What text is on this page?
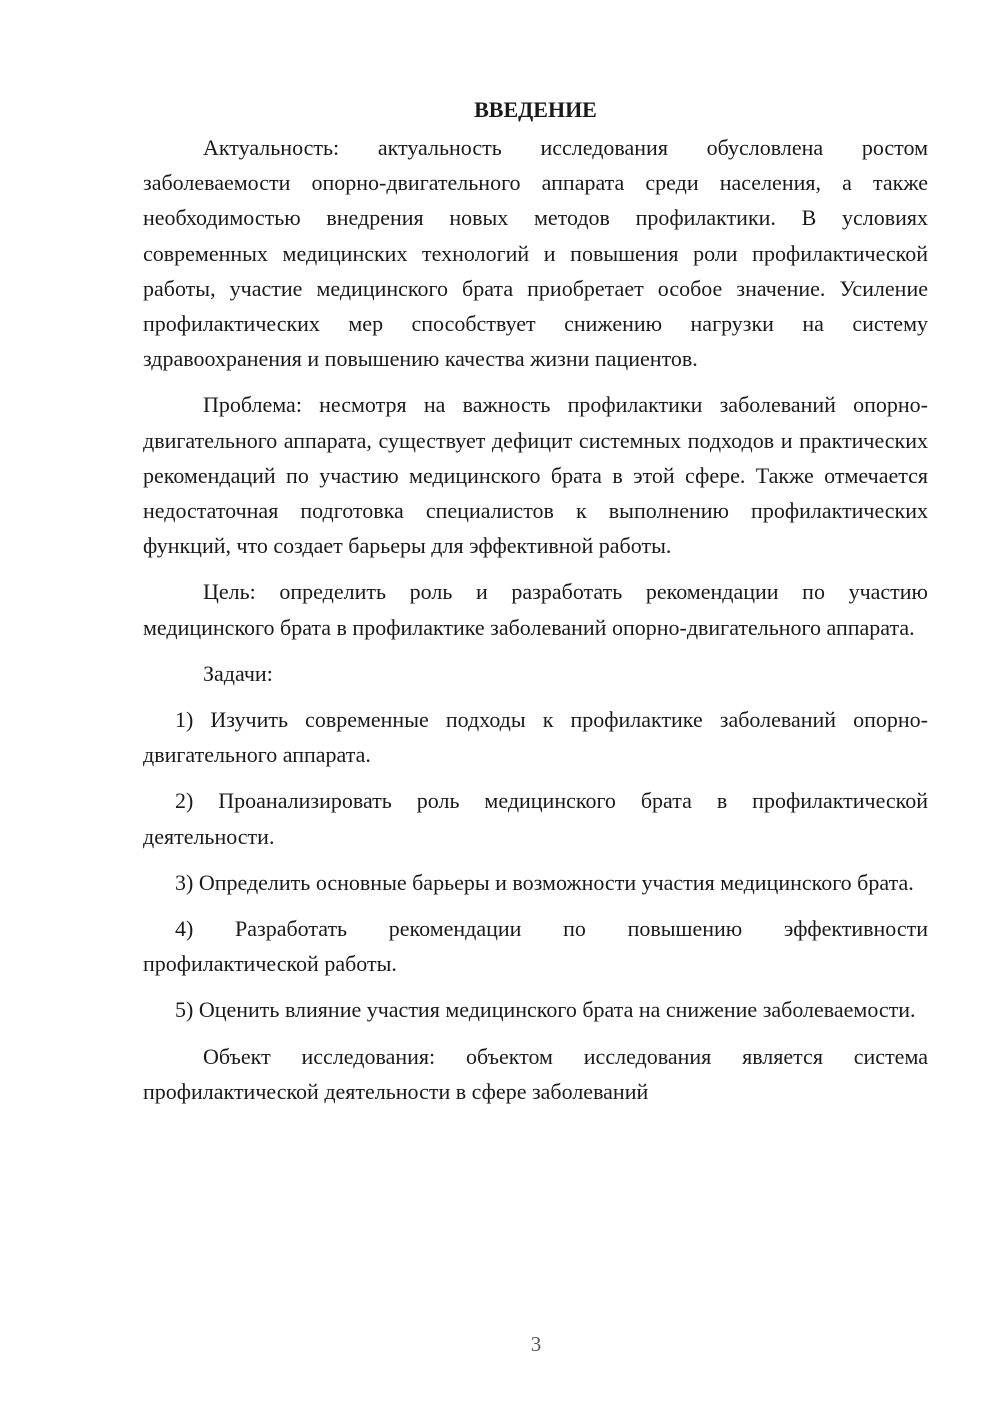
ВВЕДЕНИЕ

Актуальность: актуальность исследования обусловлена ростом заболеваемости опорно-двигательного аппарата среди населения, а также необходимостью внедрения новых методов профилактики. В условиях современных медицинских технологий и повышения роли профилактической работы, участие медицинского брата приобретает особое значение. Усиление профилактических мер способствует снижению нагрузки на систему здравоохранения и повышению качества жизни пациентов.

Проблема: несмотря на важность профилактики заболеваний опорно-двигательного аппарата, существует дефицит системных подходов и практических рекомендаций по участию медицинского брата в этой сфере. Также отмечается недостаточная подготовка специалистов к выполнению профилактических функций, что создает барьеры для эффективной работы.

Цель: определить роль и разработать рекомендации по участию медицинского брата в профилактике заболеваний опорно-двигательного аппарата.

Задачи:

1) Изучить современные подходы к профилактике заболеваний опорно-двигательного аппарата.

2) Проанализировать роль медицинского брата в профилактической деятельности.

3) Определить основные барьеры и возможности участия медицинского брата.

4) Разработать рекомендации по повышению эффективности профилактической работы.

5) Оценить влияние участия медицинского брата на снижение заболеваемости.

Объект исследования: объектом исследования является система профилактической деятельности в сфере заболеваний

3
